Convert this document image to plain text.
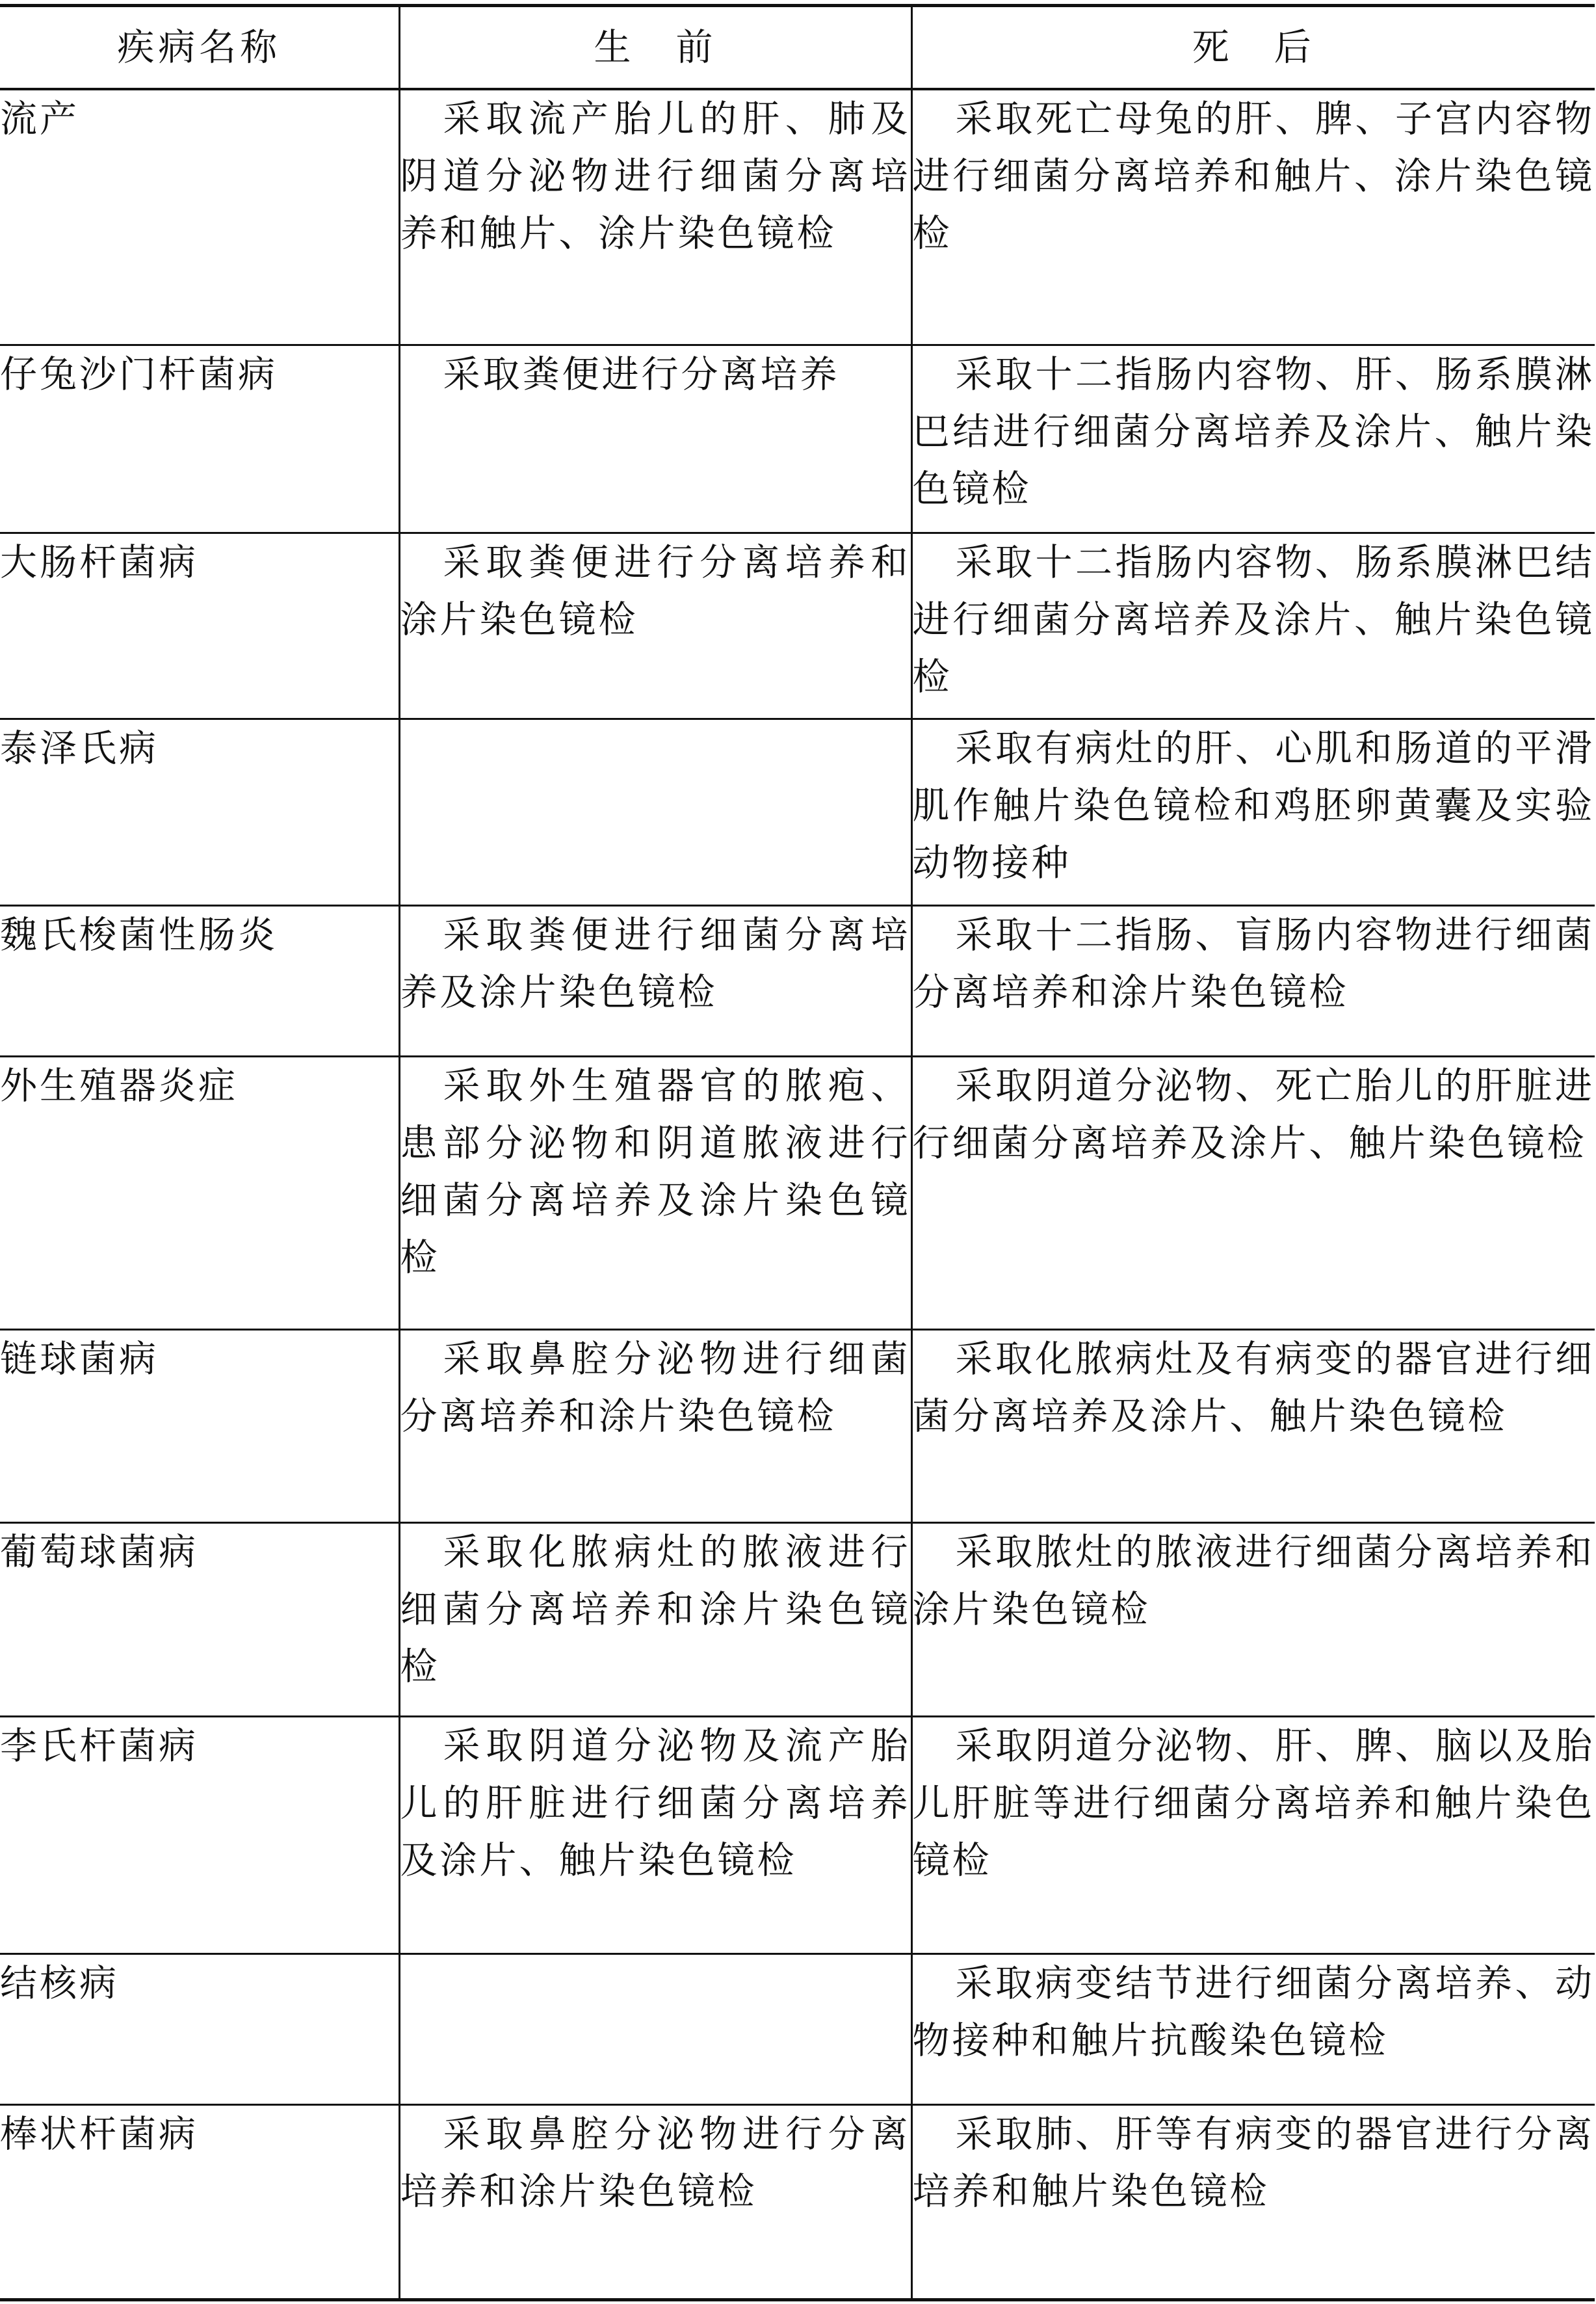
疾病名称	生　前	死　后
流产	采取流产胎儿的肝、肺及阴道分泌物进行细菌分离培养和触片、涂片染色镜检	采取死亡母兔的肝、脾、子宫内容物进行细菌分离培养和触片、涂片染色镜检
仔兔沙门杆菌病	采取粪便进行分离培养	采取十二指肠内容物、肝、肠系膜淋巴结进行细菌分离培养及涂片、触片染色镜检
大肠杆菌病	采取粪便进行分离培养和涂片染色镜检	采取十二指肠内容物、肠系膜淋巴结进行细菌分离培养及涂片、触片染色镜检
泰泽氏病		采取有病灶的肝、心肌和肠道的平滑肌作触片染色镜检和鸡胚卵黄囊及实验动物接种
魏氏梭菌性肠炎	采取粪便进行细菌分离培养及涂片染色镜检	采取十二指肠、盲肠内容物进行细菌分离培养和涂片染色镜检
外生殖器炎症	采取外生殖器官的脓疱、患部分泌物和阴道脓液进行细菌分离培养及涂片染色镜检	采取阴道分泌物、死亡胎儿的肝脏进行细菌分离培养及涂片、触片染色镜检
链球菌病	采取鼻腔分泌物进行细菌分离培养和涂片染色镜检	采取化脓病灶及有病变的器官进行细菌分离培养及涂片、触片染色镜检
葡萄球菌病	采取化脓病灶的脓液进行细菌分离培养和涂片染色镜检	采取脓灶的脓液进行细菌分离培养和涂片染色镜检
李氏杆菌病	采取阴道分泌物及流产胎儿的肝脏进行细菌分离培养及涂片、触片染色镜检	采取阴道分泌物、肝、脾、脑以及胎儿肝脏等进行细菌分离培养和触片染色镜检
结核病		采取病变结节进行细菌分离培养、动物接种和触片抗酸染色镜检
棒状杆菌病	采取鼻腔分泌物进行分离培养和涂片染色镜检	采取肺、肝等有病变的器官进行分离培养和触片染色镜检
